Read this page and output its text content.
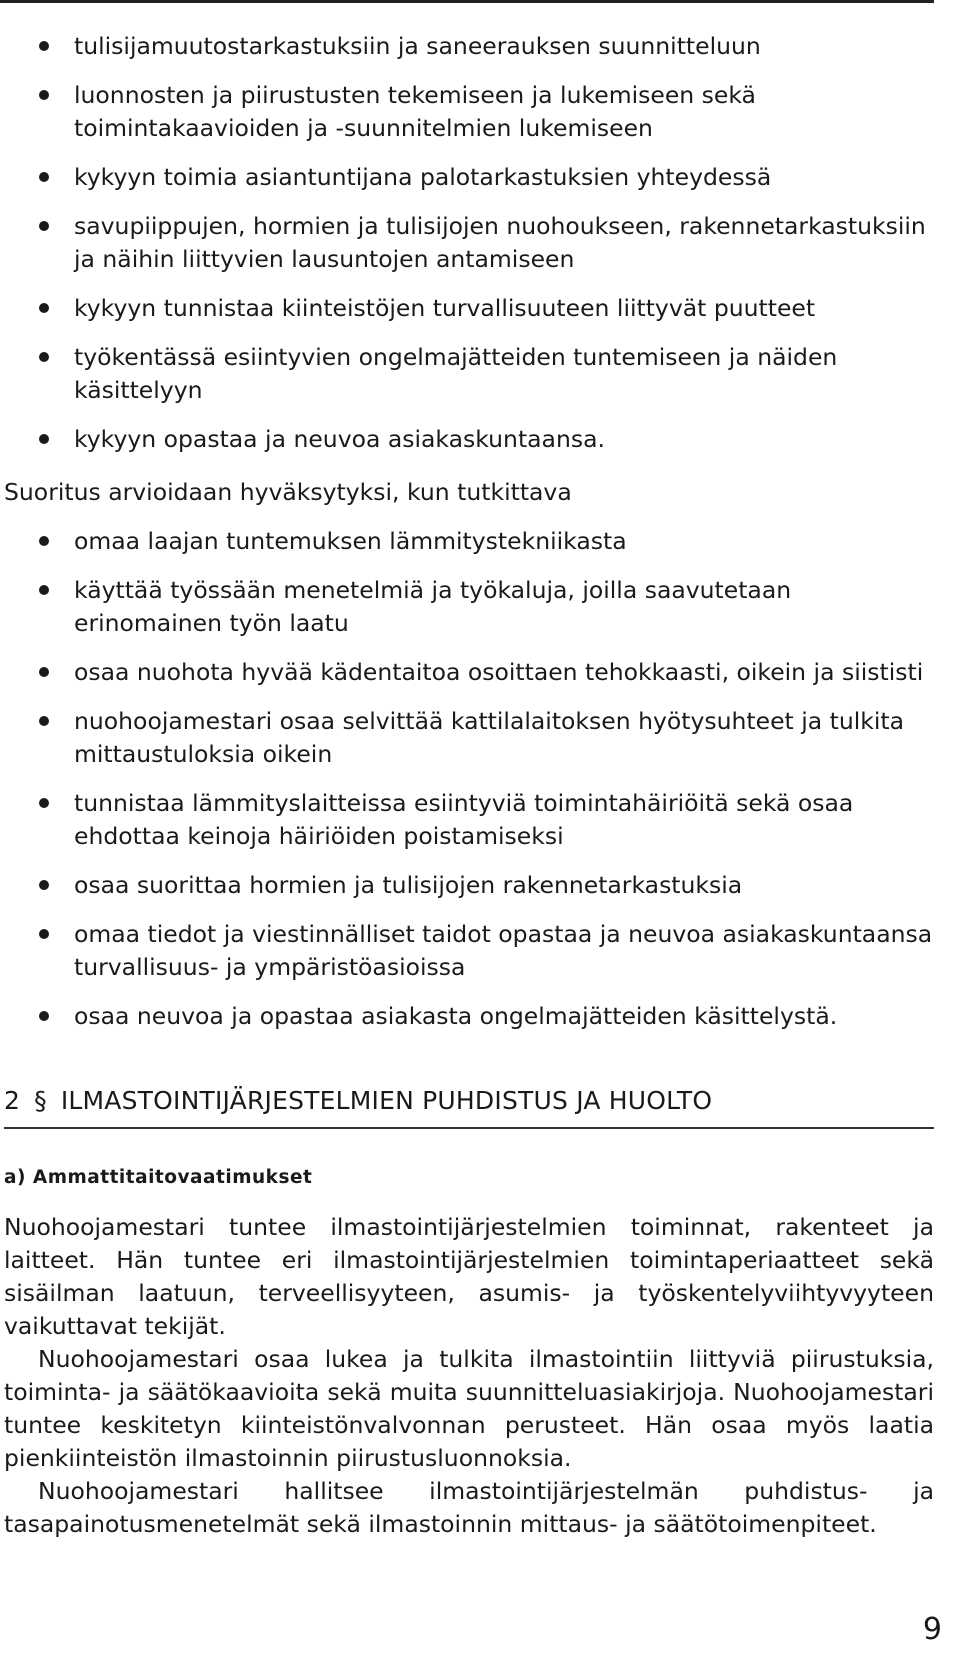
tulisijamuutostarkastuksiin ja saneerauksen suunnitteluun
luonnosten ja piirustusten tekemiseen ja lukemiseen sekä toimintakaavioiden ja -suunnitelmien lukemiseen
kykyyn toimia asiantuntijana palotarkastuksien yhteydessä
savupiippujen, hormien ja tulisijojen nuohoukseen, rakennetarkastuksiin ja näihin liittyvien lausuntojen antamiseen
kykyyn tunnistaa kiinteistöjen turvallisuuteen liittyvät puutteet
työkentässä esiintyvien ongelmajätteiden tuntemiseen ja näiden käsittelyyn
kykyyn opastaa ja neuvoa asiakaskuntaansa.

Suoritus arvioidaan hyväksytyksi, kun tutkittava

omaa laajan tuntemuksen lämmitystekniikasta
käyttää työssään menetelmiä ja työkaluja, joilla saavutetaan erinomainen työn laatu
osaa nuohota hyvää kädentaitoa osoittaen tehokkaasti, oikein ja siististi
nuohoojamestari osaa selvittää kattilalaitoksen hyötysuhteet ja tulkita mittaustuloksia oikein
tunnistaa lämmityslaitteissa esiintyviä toimintahäiriöitä sekä osaa ehdottaa keinoja häiriöiden poistamiseksi
osaa suorittaa hormien ja tulisijojen rakennetarkastuksia
omaa tiedot ja viestinnälliset taidot opastaa ja neuvoa asiakaskuntaansa turvallisuus- ja ympäristöasioissa
osaa neuvoa ja opastaa asiakasta ongelmajätteiden käsittelystä.
2 § ILMASTOINTIJÄRJESTELMIEN PUHDISTUS JA HUOLTO
a) Ammattitaitovaatimukset

Nuohoojamestari tuntee ilmastointijärjestelmien toiminnat, rakenteet ja laitteet. Hän tuntee eri ilmastointijärjestelmien toimintaperiaatteet sekä sisäilman laatuun, terveellisyyteen, asumis- ja työskentelyviihtyvyyteen vaikuttavat tekijät.

Nuohoojamestari osaa lukea ja tulkita ilmastointiin liittyviä piirustuksia, toiminta- ja säätökaavioita sekä muita suunnitteluasiakirjoja. Nuohoojamestari tuntee keskitetyn kiinteistönvalvonnan perusteet. Hän osaa myös laatia pienkiinteistön ilmastoinnin piirustusluonnoksia.

Nuohoojamestari hallitsee ilmastointijärjestelmän puhdistus- ja tasapainotusmenetelmät sekä ilmastoinnin mittaus- ja säätötoimenpiteet.

9
